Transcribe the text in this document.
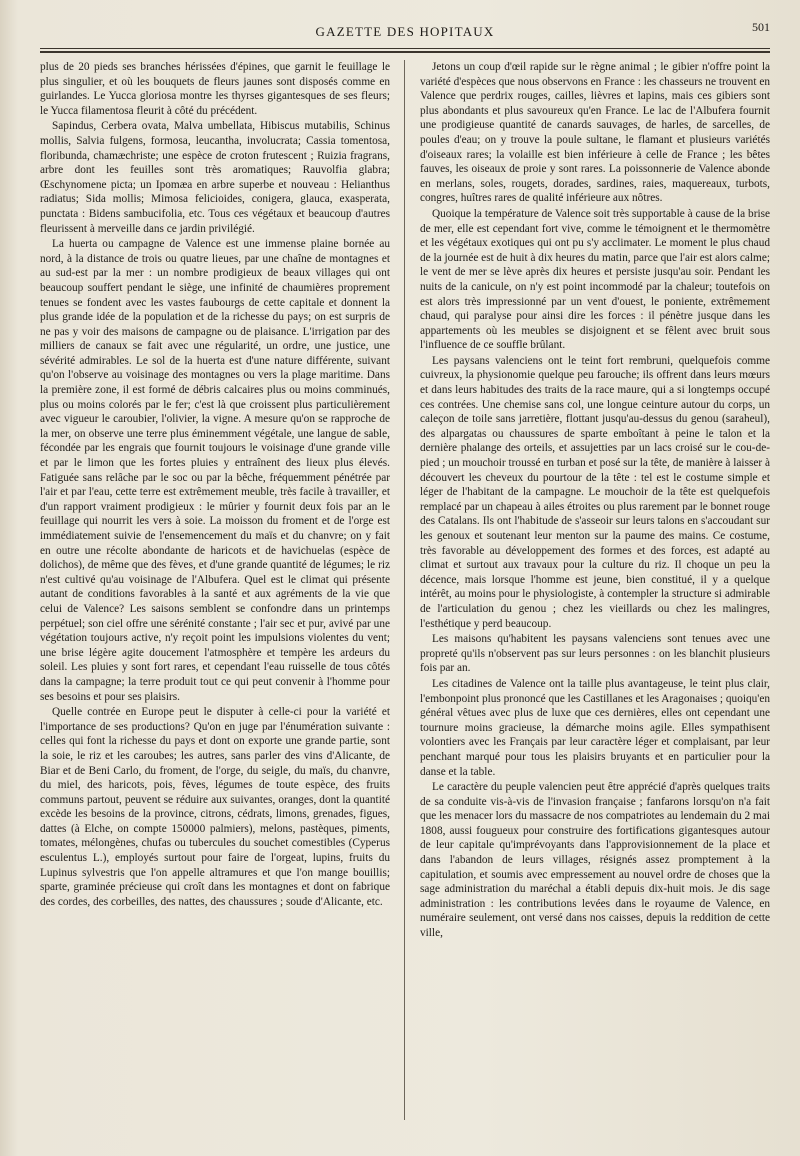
GAZETTE DES HOPITAUX	501

plus de 20 pieds ses branches hérissées d'épines, que garnit le feuillage le plus singulier, et où les bouquets de fleurs jaunes sont disposés comme en guirlandes. Le Yucca gloriosa montre les thyrses gigantesques de ses fleurs; le Yucca filamentosa fleurit à côté du précédent.

Sapindus, Cerbera ovata, Malva umbellata, Hibiscus mutabilis, Schinus mollis, Salvia fulgens, formosa, leucantha, involucrata; Cassia tomentosa, floribunda, chamæchriste; une espèce de croton frutescent ; Ruizia fragrans, arbre dont les feuilles sont très aromatiques; Rauvolfia glabra; Œschynomene picta; un Ipomæa en arbre superbe et nouveau : Helianthus radiatus; Sida mollis; Mimosa felicioides, conigera, glauca, exasperata, punctata : Bidens sambucifolia, etc. Tous ces végétaux et beaucoup d'autres fleurissent à merveille dans ce jardin privilégié.

La huerta ou campagne de Valence est une immense plaine bornée au nord, à la distance de trois ou quatre lieues, par une chaîne de montagnes et au sud-est par la mer : un nombre prodigieux de beaux villages qui ont beaucoup souffert pendant le siège, une infinité de chaumières proprement tenues se fondent avec les vastes faubourgs de cette capitale et donnent la plus grande idée de la population et de la richesse du pays; on est surpris de ne pas y voir des maisons de campagne ou de plaisance. L'irrigation par des milliers de canaux se fait avec une régularité, un ordre, une justice, une sévérité admirables. Le sol de la huerta est d'une nature différente, suivant qu'on l'observe au voisinage des montagnes ou vers la plage maritime. Dans la première zone, il est formé de débris calcaires plus ou moins comminués, plus ou moins colorés par le fer; c'est là que croissent plus particulièrement avec vigueur le caroubier, l'olivier, la vigne. A mesure qu'on se rapproche de la mer, on observe une terre plus éminemment végétale, une langue de sable, fécondée par les engrais que fournit toujours le voisinage d'une grande ville et par le limon que les fortes pluies y entraînent des lieux plus élevés. Fatiguée sans relâche par le soc ou par la bêche, fréquemment pénétrée par l'air et par l'eau, cette terre est extrêmement meuble, très facile à travailler, et d'un rapport vraiment prodigieux : le mûrier y fournit deux fois par an le feuillage qui nourrit les vers à soie. La moisson du froment et de l'orge est immédiatement suivie de l'ensemencement du maïs et du chanvre; on y fait en outre une récolte abondante de haricots et de havichuelas (espèce de dolichos), de même que des fèves, et d'une grande quantité de légumes; le riz n'est cultivé qu'au voisinage de l'Albufera. Quel est le climat qui présente autant de conditions favorables à la santé et aux agréments de la vie que celui de Valence? Les saisons semblent se confondre dans un printemps perpétuel; son ciel offre une sérénité constante ; l'air sec et pur, avivé par une végétation toujours active, n'y reçoit point les impulsions violentes du vent; une brise légère agite doucement l'atmosphère et tempère les ardeurs du soleil. Les pluies y sont fort rares, et cependant l'eau ruisselle de tous côtés dans la campagne; la terre produit tout ce qui peut convenir à l'homme pour ses besoins et pour ses plaisirs.

Quelle contrée en Europe peut le disputer à celle-ci pour la variété et l'importance de ses productions? Qu'on en juge par l'énumération suivante : celles qui font la richesse du pays et dont on exporte une grande partie, sont la soie, le riz et les caroubes; les autres, sans parler des vins d'Alicante, de Biar et de Beni Carlo, du froment, de l'orge, du seigle, du maïs, du chanvre, du miel, des haricots, pois, fèves, légumes de toute espèce, des fruits communs partout, peuvent se réduire aux suivantes, oranges, dont la quantité excède les besoins de la province, citrons, cédrats, limons, grenades, figues, dattes (à Elche, on compte 150000 palmiers), melons, pastèques, piments, tomates, mélongènes, chufas ou tubercules du souchet comestibles (Cyperus esculentus L.), employés surtout pour faire de l'orgeat, lupins, fruits du Lupinus sylvestris que l'on appelle altramures et que l'on mange bouillis; sparte, graminée précieuse qui croît dans les montagnes et dont on fabrique des cordes, des corbeilles, des nattes, des chaussures ; soude d'Alicante, etc.

Jetons un coup d'œil rapide sur le règne animal ; le gibier n'offre point la variété d'espèces que nous observons en France : les chasseurs ne trouvent en Valence que perdrix rouges, cailles, lièvres et lapins, mais ces gibiers sont plus abondants et plus savoureux qu'en France. Le lac de l'Albufera fournit une prodigieuse quantité de canards sauvages, de harles, de sarcelles, de poules d'eau; on y trouve la poule sultane, le flamant et plusieurs variétés d'oiseaux rares; la volaille est bien inférieure à celle de France ; les bêtes fauves, les oiseaux de proie y sont rares. La poissonnerie de Valence abonde en merlans, soles, rougets, dorades, sardines, raies, maquereaux, turbots, congres, huîtres rares de qualité inférieure aux nôtres.

Quoique la température de Valence soit très supportable à cause de la brise de mer, elle est cependant fort vive, comme le témoignent et le thermomètre et les végétaux exotiques qui ont pu s'y acclimater. Le moment le plus chaud de la journée est de huit à dix heures du matin, parce que l'air est alors calme; le vent de mer se lève après dix heures et persiste jusqu'au soir. Pendant les nuits de la canicule, on n'y est point incommodé par la chaleur; toutefois on est alors très impressionné par un vent d'ouest, le poniente, extrêmement chaud, qui paralyse pour ainsi dire les forces : il pénètre jusque dans les appartements où les meubles se disjoignent et se fêlent avec bruit sous l'influence de ce souffle brûlant.

Les paysans valenciens ont le teint fort rembruni, quelquefois comme cuivreux, la physionomie quelque peu farouche; ils offrent dans leurs mœurs et dans leurs habitudes des traits de la race maure, qui a si longtemps occupé ces contrées. Une chemise sans col, une longue ceinture autour du corps, un caleçon de toile sans jarretière, flottant jusqu'au-dessus du genou (saraheul), des alpargatas ou chaussures de sparte emboîtant à peine le talon et la dernière phalange des orteils, et assujetties par un lacs croisé sur le cou-de-pied ; un mouchoir troussé en turban et posé sur la tête, de manière à laisser à découvert les cheveux du pourtour de la tête : tel est le costume simple et léger de l'habitant de la campagne. Le mouchoir de la tête est quelquefois remplacé par un chapeau à ailes étroites ou plus rarement par le bonnet rouge des Catalans. Ils ont l'habitude de s'asseoir sur leurs talons en s'accoudant sur les genoux et soutenant leur menton sur la paume des mains. Ce costume, très favorable au développement des formes et des forces, est adapté au climat et surtout aux travaux pour la culture du riz. Il choque un peu la décence, mais lorsque l'homme est jeune, bien constitué, il y a quelque intérêt, au moins pour le physiologiste, à contempler la structure si admirable de l'articulation du genou ; chez les vieillards ou chez les malingres, l'esthétique y perd beaucoup.

Les maisons qu'habitent les paysans valenciens sont tenues avec une propreté qu'ils n'observent pas sur leurs personnes : on les blanchit plusieurs fois par an.

Les citadines de Valence ont la taille plus avantageuse, le teint plus clair, l'embonpoint plus prononcé que les Castillanes et les Aragonaises ; quoiqu'en général vêtues avec plus de luxe que ces dernières, elles ont cependant une tournure moins gracieuse, la démarche moins agile. Elles sympathisent volontiers avec les Français par leur caractère léger et complaisant, par leur penchant marqué pour tous les plaisirs bruyants et en particulier pour la danse et la table.

Le caractère du peuple valencien peut être apprécié d'après quelques traits de sa conduite vis-à-vis de l'invasion française ; fanfarons lorsqu'on n'a fait que les menacer lors du massacre de nos compatriotes au lendemain du 2 mai 1808, aussi fougueux pour construire des fortifications gigantesques autour de leur capitale qu'imprévoyants dans l'approvisionnement de la place et dans l'abandon de leurs villages, résignés assez promptement à la capitulation, et soumis avec empressement au nouvel ordre de choses que la sage administration du maréchal a établi depuis dix-huit mois. Je dis sage administration : les contributions levées dans le royaume de Valence, en numéraire seulement, ont versé dans nos caisses, depuis la reddition de cette ville,
